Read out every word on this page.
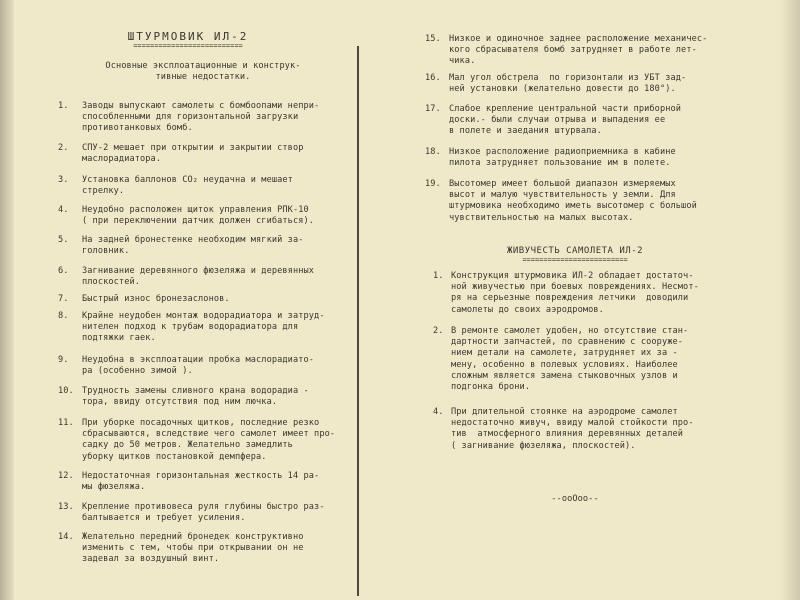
ШТУРМОВИК ИЛ-2
==========================
Основные эксплоатационные и конструк-
тивные недостатки.
1. Заводы выпускают самолеты с бомбоопами непри-
способленными для горизонтальной загрузки
противотанковых бомб.
2. СПУ-2 мешает при открытии и закрытии створ
маслорадиатора.
3. Установка баллонов СО₂ неудачна и мешает
стрелку.
4. Неудобно расположен щиток управления РПК-10
( при переключении датчик должен сгибаться).
5. На задней бронестенке необходим мягкий за-
головник.
6. Загнивание деревянного фюзеляжа и деревянных
плоскостей.
7. Быстрый износ бронезаслонов.
8. Крайне неудобен монтаж водорадиатора и затруд-
нителен подход к трубам водорадиатора для
подтяжки гаек.
9. Неудобна в эксплоатации пробка маслорадиато-
ра (особенно зимой ).
10. Трудность замены сливного крана водорадиа -
тора, ввиду отсутствия под ним лючка.
11. При уборке посадочных щитков, последние резко
сбрасываются, вследствие чего самолет имеет про-
садку до 50 метров. Желательно замедлить
уборку щитков постановкой демпфера.
12. Недостаточная горизонтальная жесткость 14 ра-
мы фюзеляжа.
13. Крепление противовеса руля глубины быстро раз-
балтывается и требует усиления.
14. Желательно передний бронедек конструктивно
изменить с тем, чтобы при открывании он не
задевал за воздушный винт.
15. Низкое и одиночное заднее расположение механичес-
кого сбрасывателя бомб затрудняет в работе лет-
чика.
16. Мал угол обстрела  по горизонтали из УБТ зад-
ней установки (желательно довести до 180°).
17. Слабое крепление центральной части приборной
доски.- были случаи отрыва и выпадения ее
в полете и заедания штурвала.
18. Низкое расположение радиоприемника в кабине
пилота затрудняет пользование им в полете.
19. Высотомер имеет большой диапазон измеряемых
высот и малую чувствительность у земли. Для
штурмовика необходимо иметь высотомер с большой
чувствительностью на малых высотах.
ЖИВУЧЕСТЬ САМОЛЕТА ИЛ-2
=========================
1. Конструкция штурмовика ИЛ-2 обладает достаточ-
ной живучестью при боевых повреждениях. Несмот-
ря на серьезные повреждения летчики  доводили
самолеты до своих аэродромов.
2. В ремонте самолет удобен, но отсутствие стан-
дартности запчастей, по сравнению с сооруже-
нием детали на самолете, затрудняет их за -
мену, особенно в полевых условиях. Наиболее
сложным является замена стыковочных узлов и
подгонка брони.
4. При длительной стоянке на аэродроме самолет
недостаточно живуч, ввиду малой стойкости про-
тив  атмосферного влияния деревянных деталей
( загнивание фюзеляжа, плоскостей).
--ооОоо--
